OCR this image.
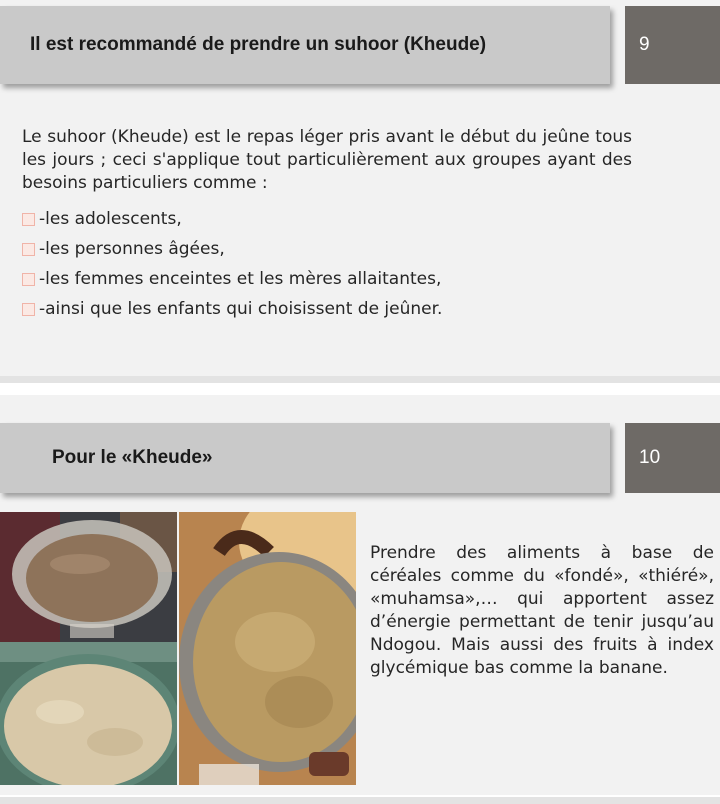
Il est recommandé de prendre un suhoor (Kheude)	9

Le suhoor (Kheude) est le repas léger pris avant le début du jeûne tous les jours ; ceci s'applique tout particulièrement aux groupes ayant des besoins particuliers comme :

-les adolescents,
-les personnes âgées,
-les femmes enceintes et les mères allaitantes,
-ainsi que les enfants qui choisissent de jeûner.
Pour le «Kheude»	10

Prendre des aliments à base de céréales comme du «fondé», «thiéré», «muhamsa»,… qui apportent assez d’énergie permettant de tenir jusqu’au Ndogou. Mais aussi des fruits à index glycémique bas comme la banane.
